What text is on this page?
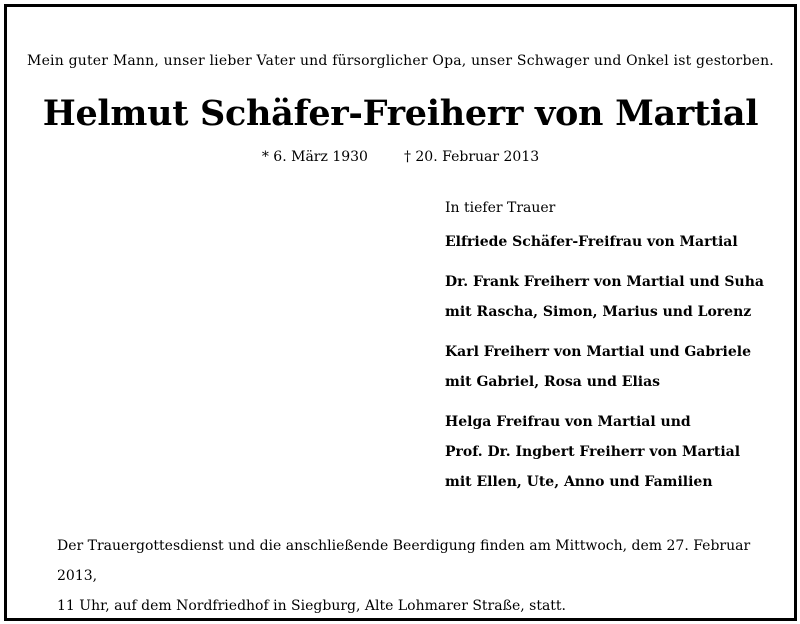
Mein guter Mann, unser lieber Vater und fürsorglicher Opa, unser Schwager und Onkel ist gestorben.
Helmut Schäfer-Freiherr von Martial
* 6. März 1930	† 20. Februar 2013
In tiefer Trauer
Elfriede Schäfer-Freifrau von Martial
Dr. Frank Freiherr von Martial und Suha
mit Rascha, Simon, Marius und Lorenz
Karl Freiherr von Martial und Gabriele
mit Gabriel, Rosa und Elias
Helga Freifrau von Martial und
Prof. Dr. Ingbert Freiherr von Martial
mit Ellen, Ute, Anno und Familien
Der Trauergottesdienst und die anschließende Beerdigung finden am Mittwoch, dem 27. Februar 2013,
11 Uhr, auf dem Nordfriedhof in Siegburg, Alte Lohmarer Straße, statt.
